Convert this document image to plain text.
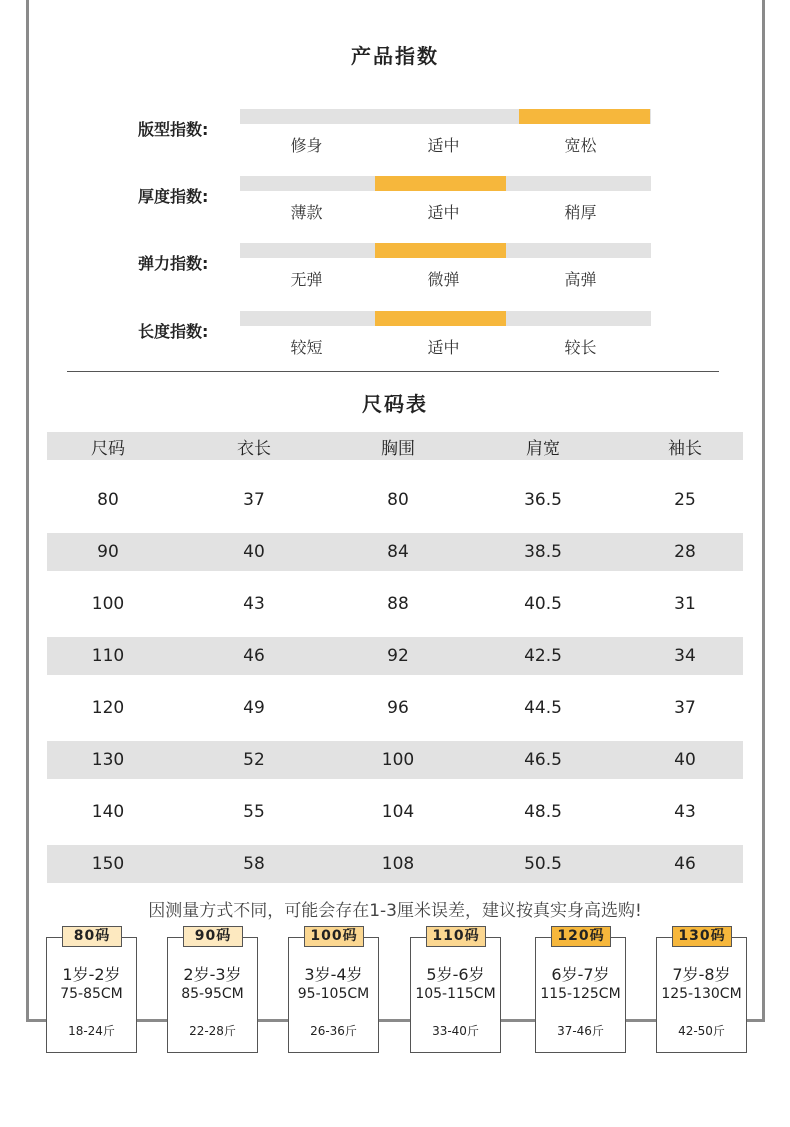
产品指数
版型指数:
修身	适中	宽松
厚度指数:
薄款	适中	稍厚
弹力指数:
无弹	微弹	高弹
长度指数:
较短	适中	较长
尺码表
尺码	衣长	胸围	肩宽	袖长
80	37	80	36.5	25
90	40	84	38.5	28
100	43	88	40.5	31
110	46	92	42.5	34
120	49	96	44.5	37
130	52	100	46.5	40
140	55	104	48.5	43
150	58	108	50.5	46
因测量方式不同，可能会存在1-3厘米误差，建议按真实身高选购!
1岁-2岁
75-85CM
18-24斤
80码
2岁-3岁
85-95CM
22-28斤
90码
3岁-4岁
95-105CM
26-36斤
100码
5岁-6岁
105-115CM
33-40斤
110码
6岁-7岁
115-125CM
37-46斤
120码
7岁-8岁
125-130CM
42-50斤
130码
